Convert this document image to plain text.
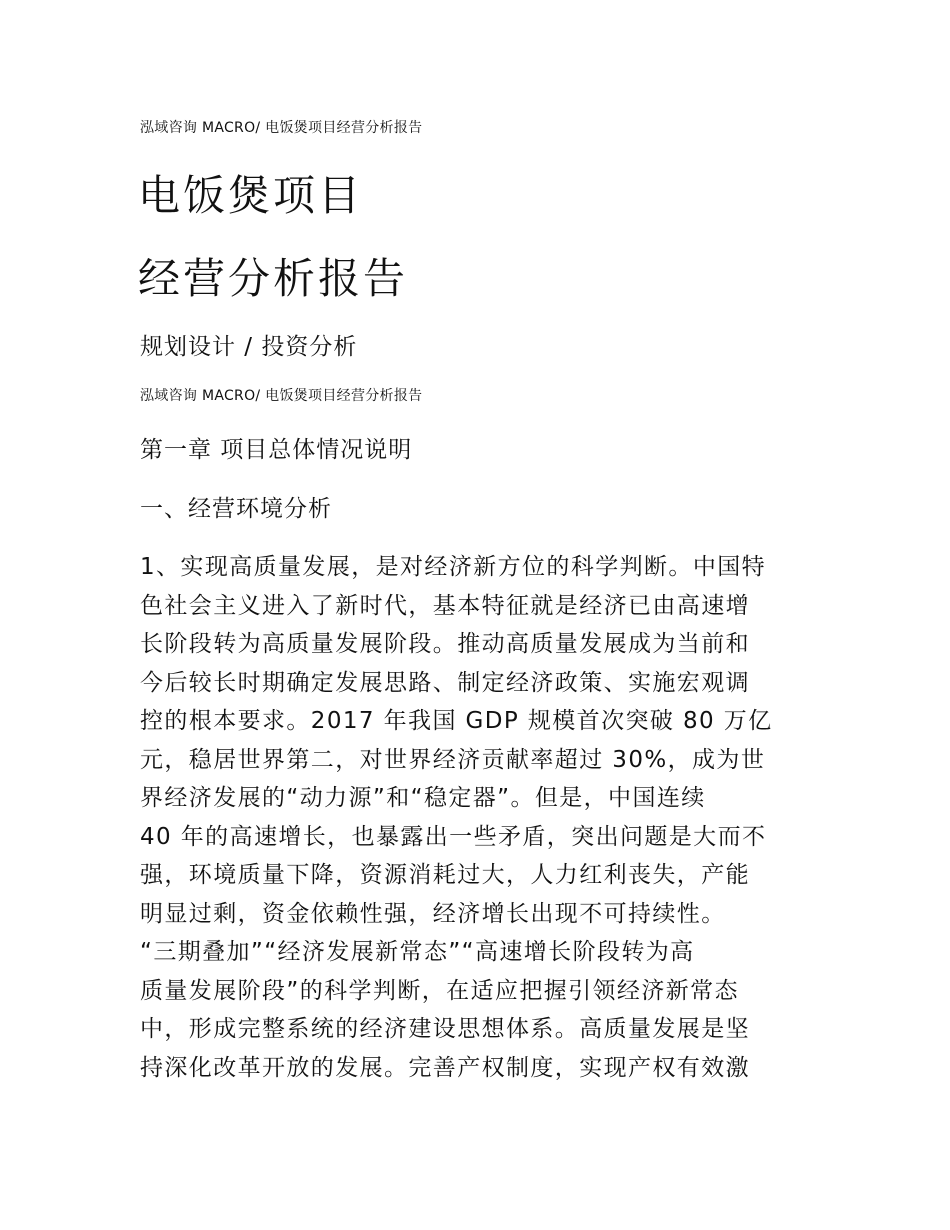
泓域咨询 MACRO/ 电饭煲项目经营分析报告
电饭煲项目
经营分析报告
规划设计 / 投资分析
泓域咨询 MACRO/ 电饭煲项目经营分析报告
第一章 项目总体情况说明
一、经营环境分析
1、实现高质量发展，是对经济新方位的科学判断。中国特
色社会主义进入了新时代，基本特征就是经济已由高速增
长阶段转为高质量发展阶段。推动高质量发展成为当前和
今后较长时期确定发展思路、制定经济政策、实施宏观调
控的根本要求。2017 年我国 GDP 规模首次突破 80 万亿
元，稳居世界第二，对世界经济贡献率超过 30%，成为世
界经济发展的“动力源”和“稳定器”。但是，中国连续
40 年的高速增长，也暴露出一些矛盾，突出问题是大而不
强，环境质量下降，资源消耗过大，人力红利丧失，产能
明显过剩，资金依赖性强，经济增长出现不可持续性。
“三期叠加”“经济发展新常态”“高速增长阶段转为高
质量发展阶段”的科学判断，在适应把握引领经济新常态
中，形成完整系统的经济建设思想体系。高质量发展是坚
持深化改革开放的发展。完善产权制度，实现产权有效激
